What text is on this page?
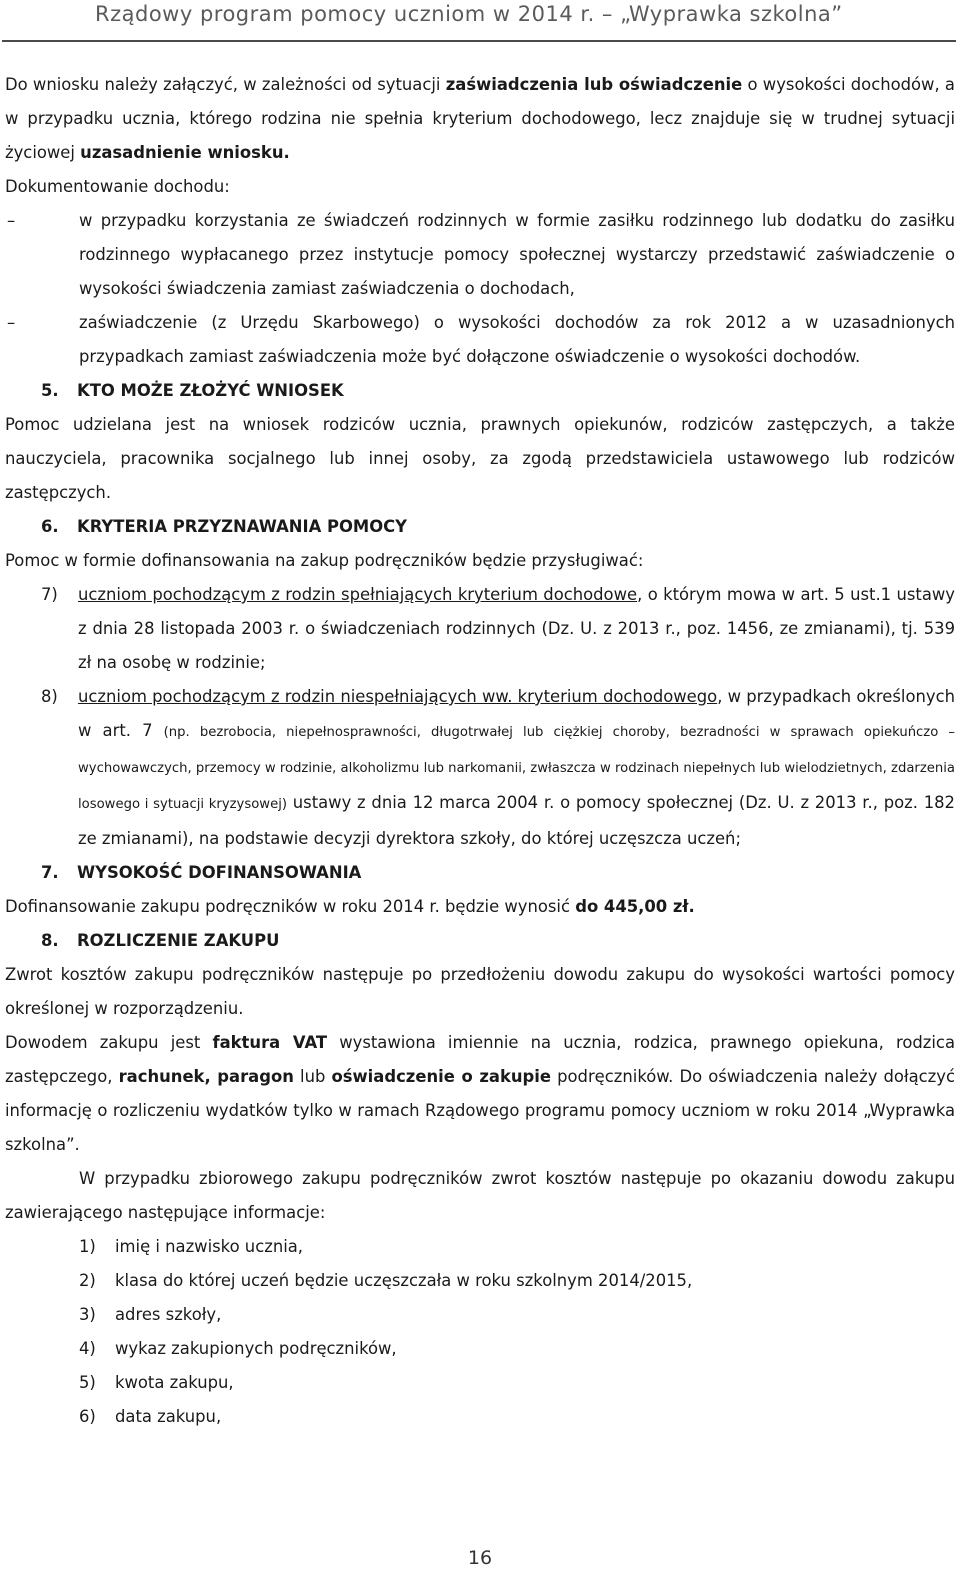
Rządowy program pomocy uczniom w 2014 r. – „Wyprawka szkolna”

Do wniosku należy załączyć, w zależności od sytuacji zaświadczenia lub oświadczenie o wysokości dochodów, a w przypadku ucznia, którego rodzina nie spełnia kryterium dochodowego, lecz znajduje się w trudnej sytuacji życiowej uzasadnienie wniosku.

Dokumentowanie dochodu:

–	w przypadku korzystania ze świadczeń rodzinnych w formie zasiłku rodzinnego lub dodatku do zasiłku rodzinnego wypłacanego przez instytucje pomocy społecznej wystarczy przedstawić zaświadczenie o wysokości świadczenia zamiast zaświadczenia o dochodach,

–	zaświadczenie (z Urzędu Skarbowego) o wysokości dochodów za rok 2012 a w uzasadnionych przypadkach zamiast zaświadczenia może być dołączone oświadczenie o wysokości dochodów.

5. KTO MOŻE ZŁOŻYĆ WNIOSEK

Pomoc udzielana jest na wniosek rodziców ucznia, prawnych opiekunów, rodziców zastępczych, a także nauczyciela, pracownika socjalnego lub innej osoby, za zgodą przedstawiciela ustawowego lub rodziców zastępczych.

6. KRYTERIA PRZYZNAWANIA POMOCY

Pomoc w formie dofinansowania na zakup podręczników będzie przysługiwać:

7) uczniom pochodzącym z rodzin spełniających kryterium dochodowe, o którym mowa w art. 5 ust.1 ustawy z dnia 28 listopada 2003 r. o świadczeniach rodzinnych (Dz. U. z 2013 r., poz. 1456, ze zmianami), tj. 539 zł na osobę w rodzinie;

8) uczniom pochodzącym z rodzin niespełniających ww. kryterium dochodowego, w przypadkach określonych w art. 7 (np. bezrobocia, niepełnosprawności, długotrwałej lub ciężkiej choroby, bezradności w sprawach opiekuńczo – wychowawczych, przemocy w rodzinie, alkoholizmu lub narkomanii, zwłaszcza w rodzinach niepełnych lub wielodzietnych, zdarzenia losowego i sytuacji kryzysowej) ustawy z dnia 12 marca 2004 r. o pomocy społecznej (Dz. U. z 2013 r., poz. 182 ze zmianami), na podstawie decyzji dyrektora szkoły, do której uczęszcza uczeń;

7. WYSOKOŚĆ DOFINANSOWANIA

Dofinansowanie zakupu podręczników w roku 2014 r. będzie wynosić do 445,00 zł.

8. ROZLICZENIE ZAKUPU

Zwrot kosztów zakupu podręczników następuje po przedłożeniu dowodu zakupu do wysokości wartości pomocy określonej w rozporządzeniu.

Dowodem zakupu jest faktura VAT wystawiona imiennie na ucznia, rodzica, prawnego opiekuna, rodzica zastępczego, rachunek, paragon lub oświadczenie o zakupie podręczników. Do oświadczenia należy dołączyć informację o rozliczeniu wydatków tylko w ramach Rządowego programu pomocy uczniom w roku 2014 „Wyprawka szkolna”.

W przypadku zbiorowego zakupu podręczników zwrot kosztów następuje po okazaniu dowodu zakupu zawierającego następujące informacje:

1) imię i nazwisko ucznia,

2) klasa do której uczeń będzie uczęszczała w roku szkolnym 2014/2015,

3) adres szkoły,

4) wykaz zakupionych podręczników,

5) kwota zakupu,

6) data zakupu,

16
